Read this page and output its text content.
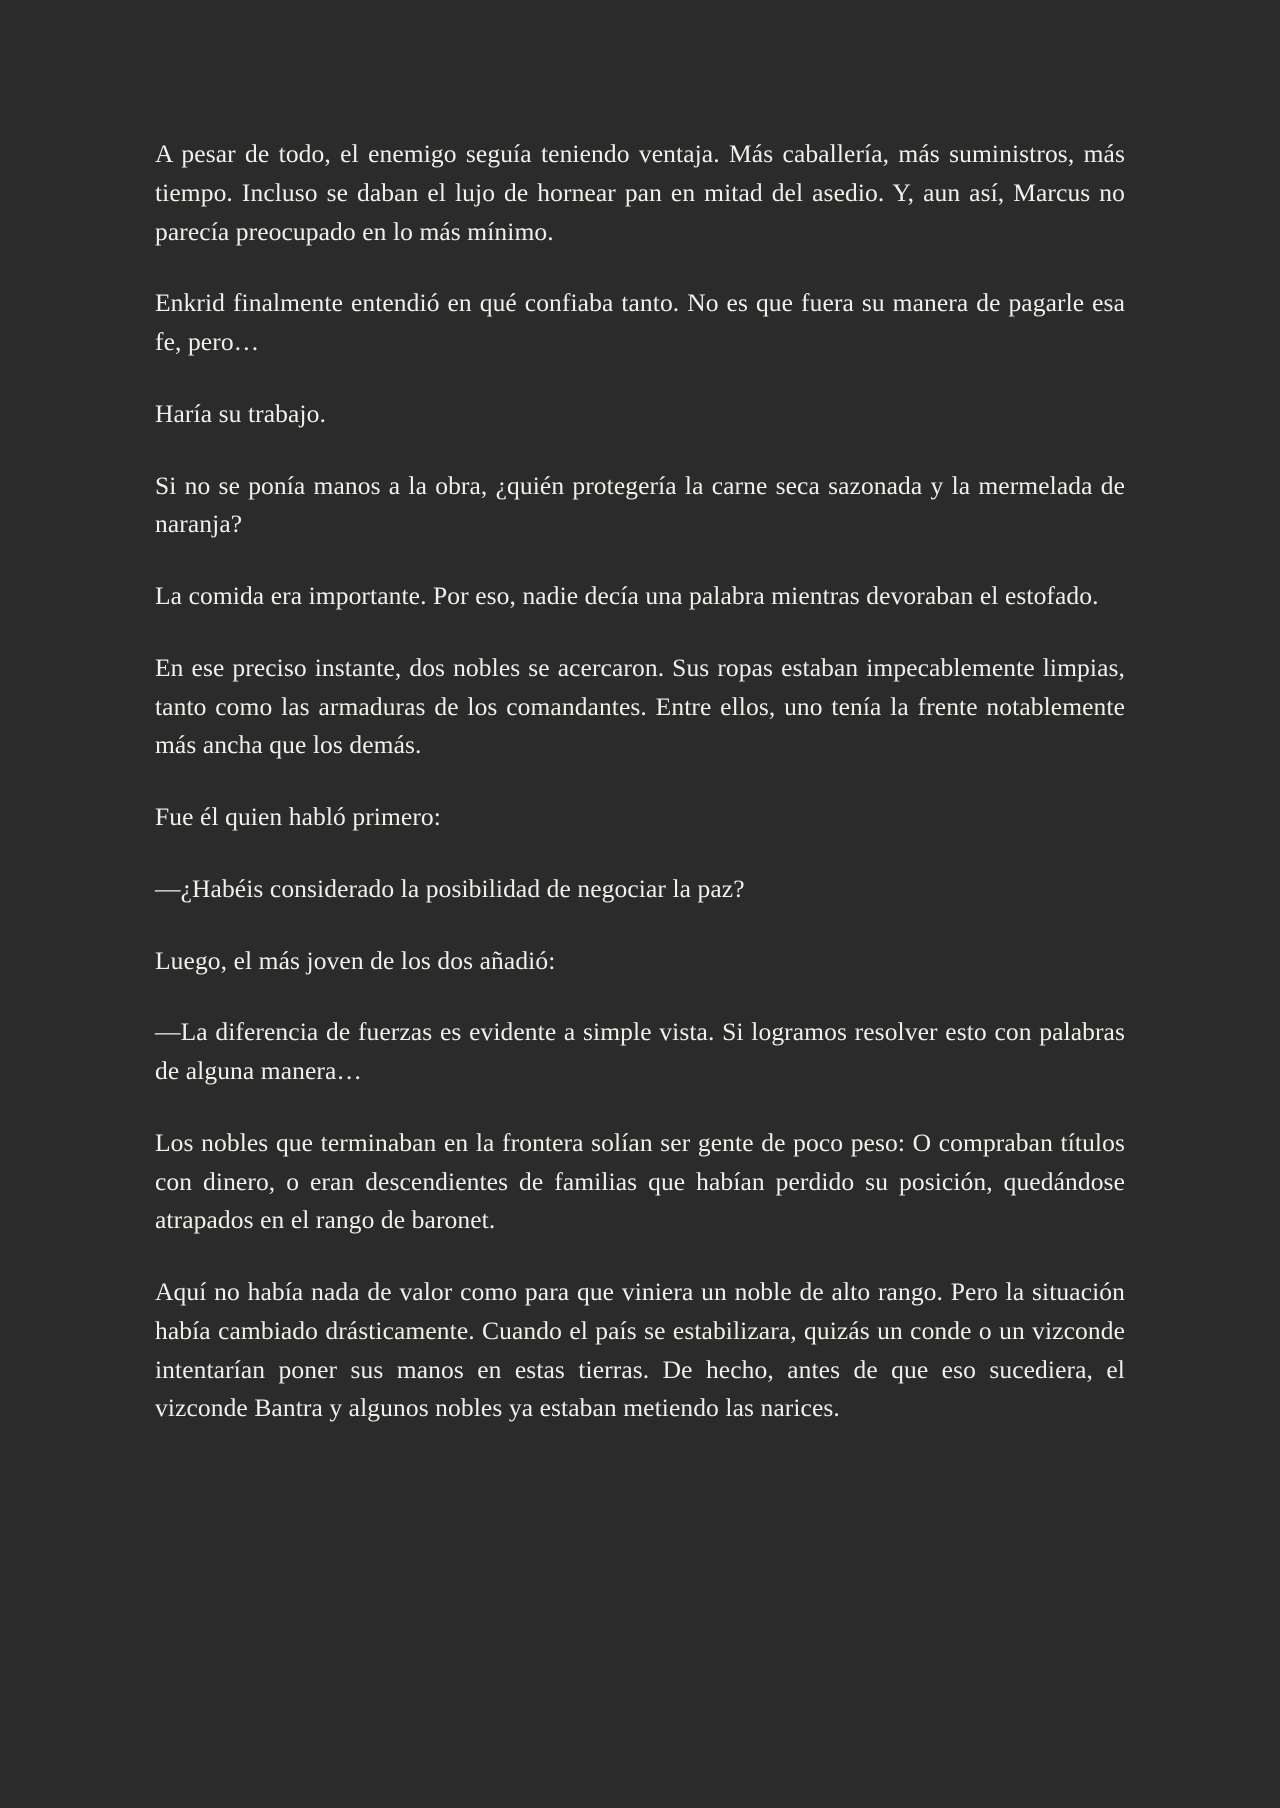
A pesar de todo, el enemigo seguía teniendo ventaja. Más caballería, más suministros, más tiempo. Incluso se daban el lujo de hornear pan en mitad del asedio. Y, aun así, Marcus no parecía preocupado en lo más mínimo.

Enkrid finalmente entendió en qué confiaba tanto. No es que fuera su manera de pagarle esa fe, pero…

Haría su trabajo.

Si no se ponía manos a la obra, ¿quién protegería la carne seca sazonada y la mermelada de naranja?

La comida era importante. Por eso, nadie decía una palabra mientras devoraban el estofado.

En ese preciso instante, dos nobles se acercaron. Sus ropas estaban impecablemente limpias, tanto como las armaduras de los comandantes. Entre ellos, uno tenía la frente notablemente más ancha que los demás.

Fue él quien habló primero:

—¿Habéis considerado la posibilidad de negociar la paz?

Luego, el más joven de los dos añadió:

—La diferencia de fuerzas es evidente a simple vista. Si logramos resolver esto con palabras de alguna manera…

Los nobles que terminaban en la frontera solían ser gente de poco peso: O compraban títulos con dinero, o eran descendientes de familias que habían perdido su posición, quedándose atrapados en el rango de baronet.

Aquí no había nada de valor como para que viniera un noble de alto rango. Pero la situación había cambiado drásticamente. Cuando el país se estabilizara, quizás un conde o un vizconde intentarían poner sus manos en estas tierras. De hecho, antes de que eso sucediera, el vizconde Bantra y algunos nobles ya estaban metiendo las narices.
